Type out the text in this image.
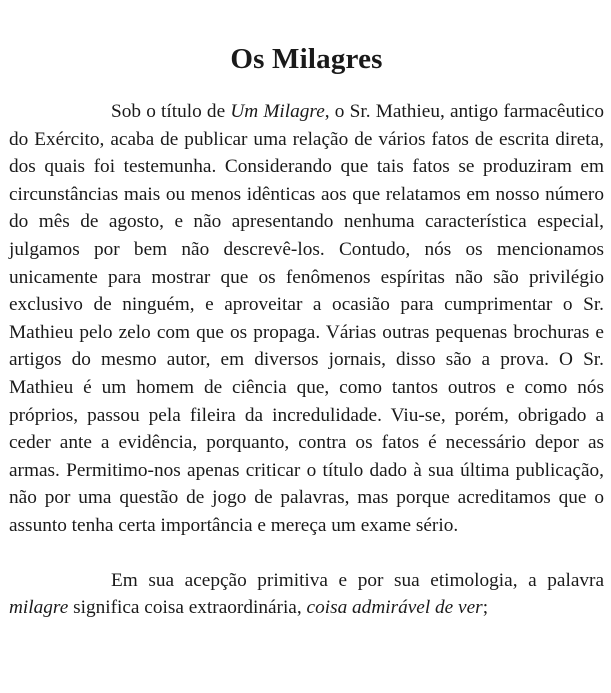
Os Milagres

Sob o título de Um Milagre, o Sr. Mathieu, antigo farmacêutico do Exército, acaba de publicar uma relação de vários fatos de escrita direta, dos quais foi testemunha. Considerando que tais fatos se produziram em circunstâncias mais ou menos idênticas aos que relatamos em nosso número do mês de agosto, e não apresentando nenhuma característica especial, julgamos por bem não descrevê-los. Contudo, nós os mencionamos unicamente para mostrar que os fenômenos espíritas não são privilégio exclusivo de ninguém, e aproveitar a ocasião para cumprimentar o Sr. Mathieu pelo zelo com que os propaga. Várias outras pequenas brochuras e artigos do mesmo autor, em diversos jornais, disso são a prova. O Sr. Mathieu é um homem de ciência que, como tantos outros e como nós próprios, passou pela fileira da incredulidade. Viu-se, porém, obrigado a ceder ante a evidência, porquanto, contra os fatos é necessário depor as armas. Permitimo-nos apenas criticar o título dado à sua última publicação, não por uma questão de jogo de palavras, mas porque acreditamos que o assunto tenha certa importância e mereça um exame sério.

Em sua acepção primitiva e por sua etimologia, a palavra milagre significa coisa extraordinária, coisa admirável de ver;
